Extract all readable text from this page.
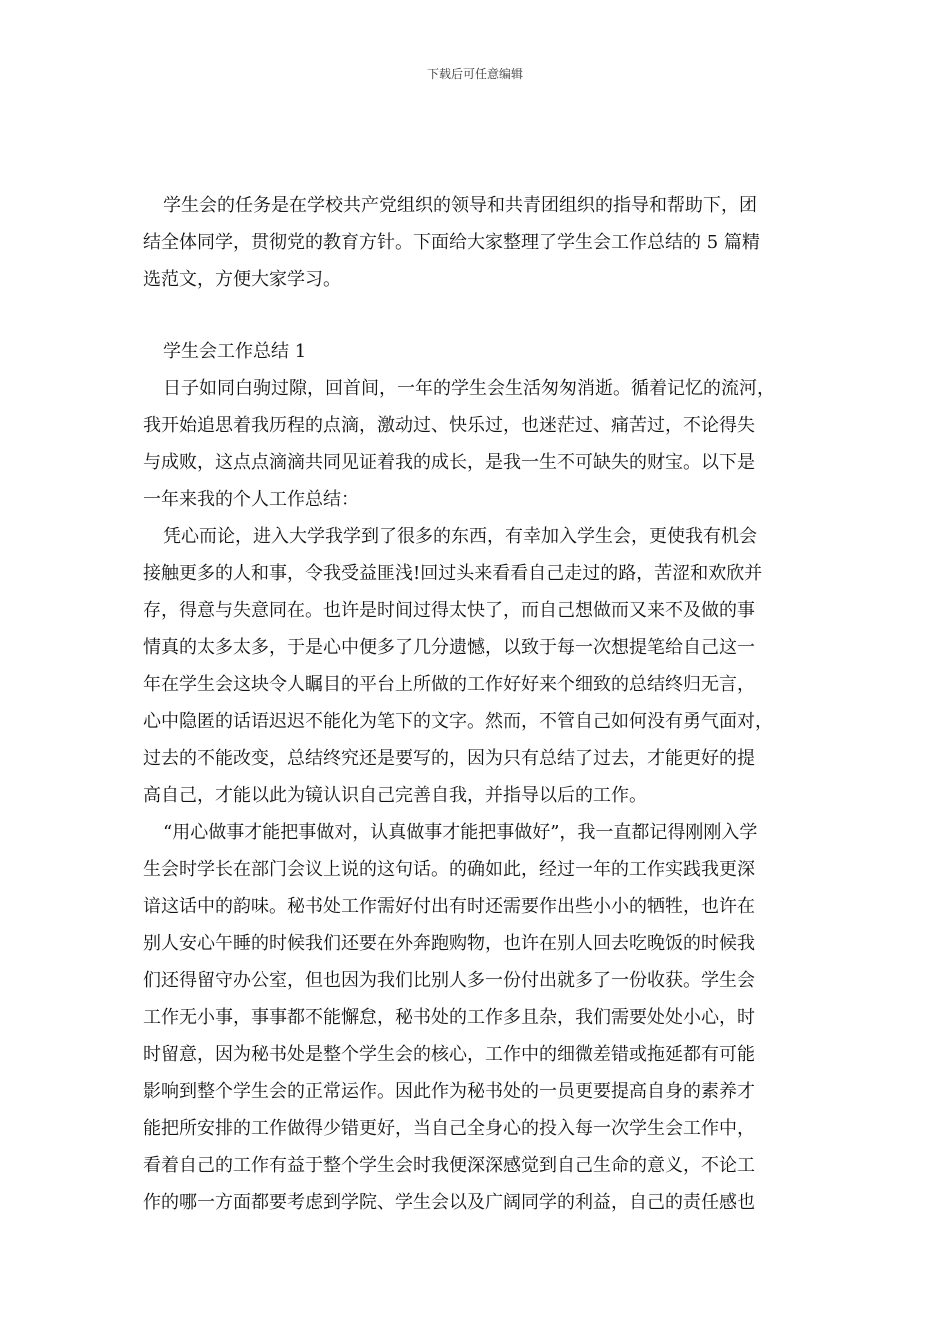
下载后可任意编辑
学生会的任务是在学校共产党组织的领导和共青团组织的指导和帮助下，团
结全体同学，贯彻党的教育方针。下面给大家整理了学生会工作总结的 5 篇精
选范文，方便大家学习。
学生会工作总结 1
日子如同白驹过隙，回首间，一年的学生会生活匆匆消逝。循着记忆的流河，
我开始追思着我历程的点滴，激动过、快乐过，也迷茫过、痛苦过，不论得失
与成败，这点点滴滴共同见证着我的成长，是我一生不可缺失的财宝。以下是
一年来我的个人工作总结：
凭心而论，进入大学我学到了很多的东西，有幸加入学生会，更使我有机会
接触更多的人和事，令我受益匪浅!回过头来看看自己走过的路，苦涩和欢欣并
存，得意与失意同在。也许是时间过得太快了，而自己想做而又来不及做的事
情真的太多太多，于是心中便多了几分遗憾，以致于每一次想提笔给自己这一
年在学生会这块令人瞩目的平台上所做的工作好好来个细致的总结终归无言，
心中隐匿的话语迟迟不能化为笔下的文字。然而，不管自己如何没有勇气面对，
过去的不能改变，总结终究还是要写的，因为只有总结了过去，才能更好的提
高自己，才能以此为镜认识自己完善自我，并指导以后的工作。
“用心做事才能把事做对，认真做事才能把事做好”，我一直都记得刚刚入学
生会时学长在部门会议上说的这句话。的确如此，经过一年的工作实践我更深
谙这话中的韵味。秘书处工作需好付出有时还需要作出些小小的牺牲，也许在
别人安心午睡的时候我们还要在外奔跑购物，也许在别人回去吃晚饭的时候我
们还得留守办公室，但也因为我们比别人多一份付出就多了一份收获。学生会
工作无小事，事事都不能懈怠，秘书处的工作多且杂，我们需要处处小心，时
时留意，因为秘书处是整个学生会的核心，工作中的细微差错或拖延都有可能
影响到整个学生会的正常运作。因此作为秘书处的一员更要提高自身的素养才
能把所安排的工作做得少错更好，当自己全身心的投入每一次学生会工作中，
看着自己的工作有益于整个学生会时我便深深感觉到自己生命的意义，不论工
作的哪一方面都要考虑到学院、学生会以及广阔同学的利益，自己的责任感也
